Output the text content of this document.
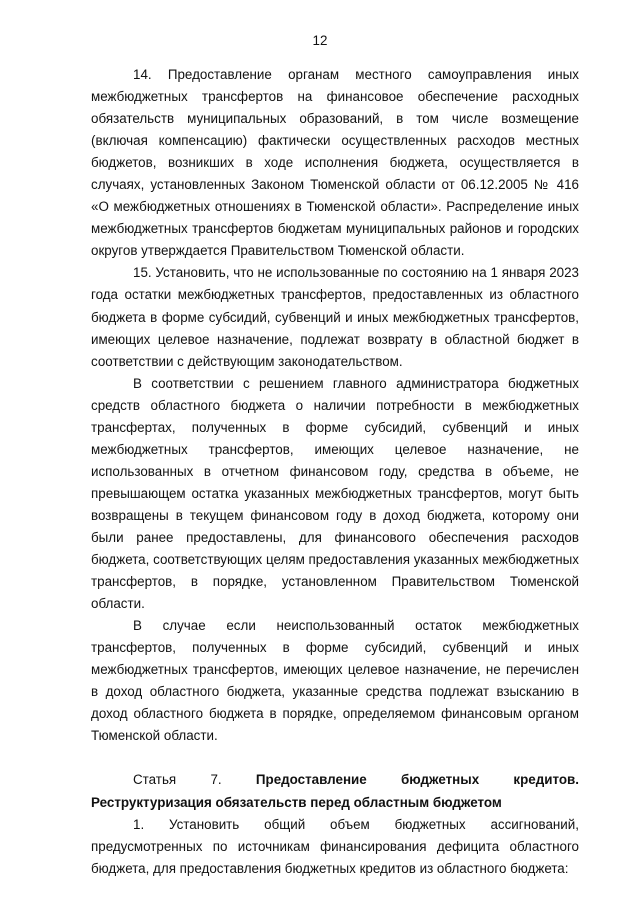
12

14. Предоставление органам местного самоуправления иных межбюджетных трансфертов на финансовое обеспечение расходных обязательств муниципальных образований, в том числе возмещение (включая компенсацию) фактически осуществленных расходов местных бюджетов, возникших в ходе исполнения бюджета, осуществляется в случаях, установленных Законом Тюменской области от 06.12.2005 № 416 «О межбюджетных отношениях в Тюменской области». Распределение иных межбюджетных трансфертов бюджетам муниципальных районов и городских округов утверждается Правительством Тюменской области.

15. Установить, что не использованные по состоянию на 1 января 2023 года остатки межбюджетных трансфертов, предоставленных из областного бюджета в форме субсидий, субвенций и иных межбюджетных трансфертов, имеющих целевое назначение, подлежат возврату в областной бюджет в соответствии с действующим законодательством.

В соответствии с решением главного администратора бюджетных средств областного бюджета о наличии потребности в межбюджетных трансфертах, полученных в форме субсидий, субвенций и иных межбюджетных трансфертов, имеющих целевое назначение, не использованных в отчетном финансовом году, средства в объеме, не превышающем остатка указанных межбюджетных трансфертов, могут быть возвращены в текущем финансовом году в доход бюджета, которому они были ранее предоставлены, для финансового обеспечения расходов бюджета, соответствующих целям предоставления указанных межбюджетных трансфертов, в порядке, установленном Правительством Тюменской области.

В случае если неиспользованный остаток межбюджетных трансфертов, полученных в форме субсидий, субвенций и иных межбюджетных трансфертов, имеющих целевое назначение, не перечислен в доход областного бюджета, указанные средства подлежат взысканию в доход областного бюджета в порядке, определяемом финансовым органом Тюменской области.

Статья 7. Предоставление бюджетных кредитов. Реструктуризация обязательств перед областным бюджетом

1. Установить общий объем бюджетных ассигнований, предусмотренных по источникам финансирования дефицита областного бюджета, для предоставления бюджетных кредитов из областного бюджета:
